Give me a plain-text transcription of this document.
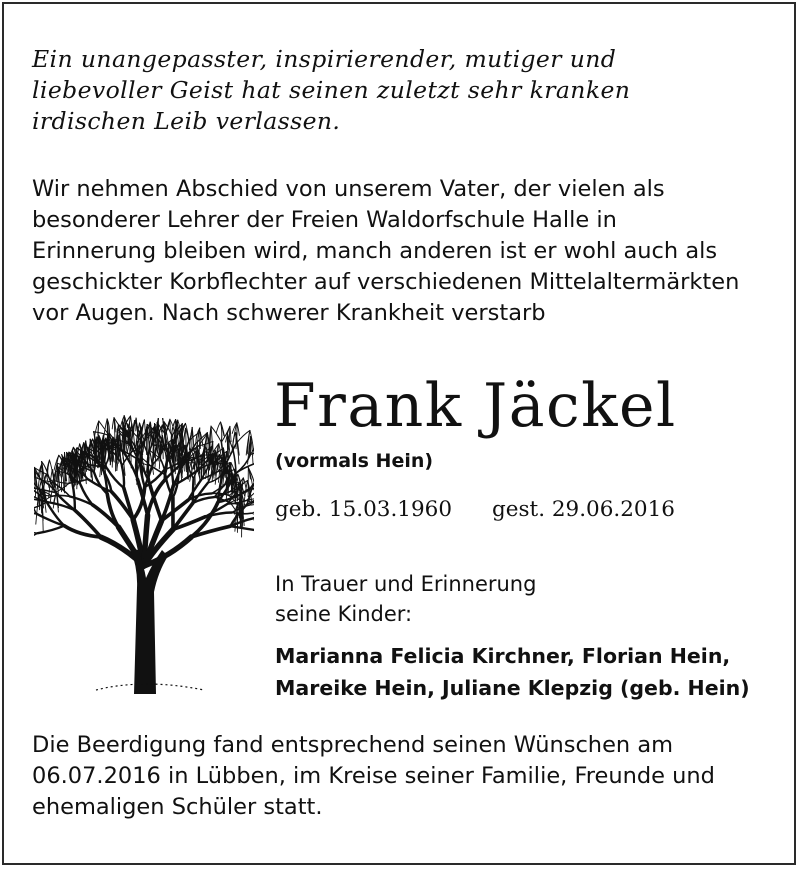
Ein unangepasster, inspirierender, mutiger und
liebevoller Geist hat seinen zuletzt sehr kranken
irdischen Leib verlassen.
Wir nehmen Abschied von unserem Vater, der vielen als
besonderer Lehrer der Freien Waldorfschule Halle in
Erinnerung bleiben wird, manch anderen ist er wohl auch als
geschickter Korbflechter auf verschiedenen Mittelaltermärkten
vor Augen. Nach schwerer Krankheit verstarb
Frank Jäckel
(vormals Hein)
geb. 15.03.1960 gest. 29.06.2016
In Trauer und Erinnerung
seine Kinder:
Marianna Felicia Kirchner, Florian Hein,
Mareike Hein, Juliane Klepzig (geb. Hein)
Die Beerdigung fand entsprechend seinen Wünschen am
06.07.2016 in Lübben, im Kreise seiner Familie, Freunde und
ehemaligen Schüler statt.
